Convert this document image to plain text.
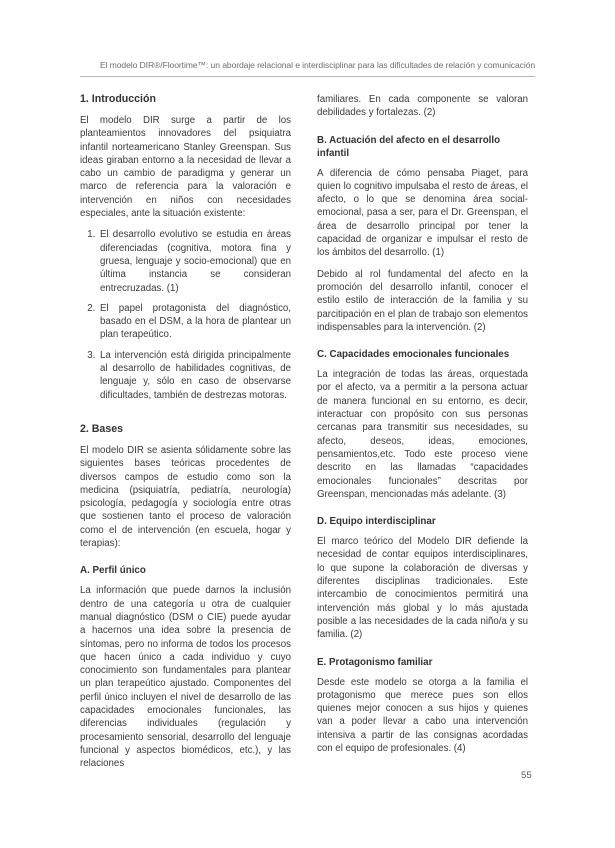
El modelo DIR®/Floortime™: un abordaje relacional e interdisciplinar para las dificultades de relación y comunicación
1. Introducción

El modelo DIR surge a partir de los planteamientos innovadores del psiquiatra infantil norteamericano Stanley Greenspan. Sus ideas giraban entorno a la necesidad de llevar a cabo un cambio de paradigma y generar un marco de referencia para la valoración e intervención en niños con necesidades especiales, ante la situación existente:

1. El desarrollo evolutivo se estudia en áreas diferenciadas (cognitiva, motora fina y gruesa, lenguaje y socio-emocional) que en última instancia se consideran entrecruzadas. (1)
2. El papel protagonista del diagnóstico, basado en el DSM, a la hora de plantear un plan terapeútico.
3. La intervención está dirigida principalmente al desarrollo de habilidades cognitivas, de lenguaje y, sólo en caso de observarse dificultades, también de destrezas motoras.
2. Bases

El modelo DIR se asienta sólidamente sobre las siguientes bases teóricas procedentes de diversos campos de estudio como son la medicina (psiquiatría, pediatría, neurología) psicología, pedagogía y sociología entre otras que sostienen tanto el proceso de valoración como el de intervención (en escuela, hogar y terapias):

A. Perfil único

La información que puede darnos la inclusión dentro de una categoría u otra de cualquier manual diagnóstico (DSM o CIE) puede ayudar a hacernos una idea sobre la presencia de síntomas, pero no informa de todos los procesos que hacen único a cada individuo y cuyo conocimiento son fundamentales para plantear un plan terapeútico ajustado. Componentes del perfil único incluyen el nivel de desarrollo de las capacidades emocionales funcionales, las diferencias individuales (regulación y procesamiento sensorial, desarrollo del lenguaje funcional y aspectos biomédicos, etc.), y las relaciones

familiares. En cada componente se valoran debilidades y fortalezas. (2)

B. Actuación del afecto en el desarrollo infantil

A diferencia de cómo pensaba Piaget, para quien lo cognitivo impulsaba el resto de áreas, el afecto, o lo que se denomina área social-emocional, pasa a ser, para el Dr. Greenspan, el área de desarrollo principal por tener la capacidad de organizar e impulsar el resto de los ámbitos del desarrollo. (1)

Debido al rol fundamental del afecto en la promoción del desarrollo infantil, conocer el estilo estilo de interacción de la familia y su parcitipación en el plan de trabajo son elementos indispensables para la intervención. (2)

C. Capacidades emocionales funcionales

La integración de todas las áreas, orquestada por el afecto, va a permitir a la persona actuar de manera funcional en su entorno, es decir, interactuar con propósito con sus personas cercanas para transmitir sus necesidades, su afecto, deseos, ideas, emociones, pensamientos,etc. Todo este proceso viene descrito en las llamadas “capacidades emocionales funcionales” descritas por Greenspan, mencionadas más adelante. (3)

D. Equipo interdisciplinar

El marco teórico del Modelo DIR defiende la necesidad de contar equipos interdisciplinares, lo que supone la colaboración de diversas y diferentes disciplinas tradicionales. Este intercambio de conocimientos permitirá una intervención más global y lo más ajustada posible a las necesidades de la cada niño/a y su familia. (2)

E. Protagonismo familiar

Desde este modelo se otorga a la familia el protagonismo que merece pues son ellos quienes mejor conocen a sus hijos y quienes van a poder llevar a cabo una intervención intensiva a partir de las consignas acordadas con el equipo de profesionales. (4)

55
